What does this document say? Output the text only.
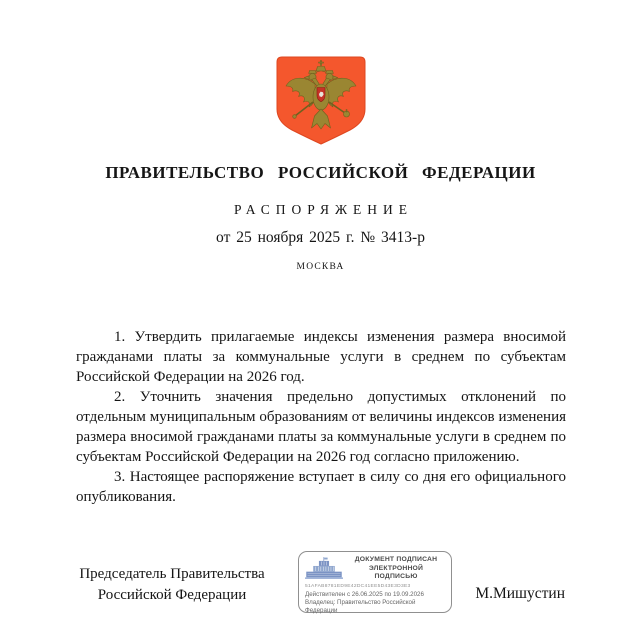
ПРАВИТЕЛЬСТВО РОССИЙСКОЙ ФЕДЕРАЦИИ
РАСПОРЯЖЕНИЕ
от 25 ноября 2025 г. № 3413-р
МОСКВА

1. Утвердить прилагаемые индексы изменения размера вносимой гражданами платы за коммунальные услуги в среднем по субъектам Российской Федерации на 2026 год.

2. Уточнить значения предельно допустимых отклонений по отдельным муниципальным образованиям от величины индексов изменения размера вносимой гражданами платы за коммунальные услуги в среднем по субъектам Российской Федерации на 2026 год согласно приложению.

3. Настоящее распоряжение вступает в силу со дня его официального опубликования.

Председатель Правительства
Российской Федерации
ДОКУМЕНТ ПОДПИСАН
ЭЛЕКТРОННОЙ ПОДПИСЬЮ
51AFAB8781ED9E42DC41EE5D43E3D3E3
Действителен с 26.06.2025 по 19.09.2026
Владелец: Правительство Российской Федерации
М.Мишустин
